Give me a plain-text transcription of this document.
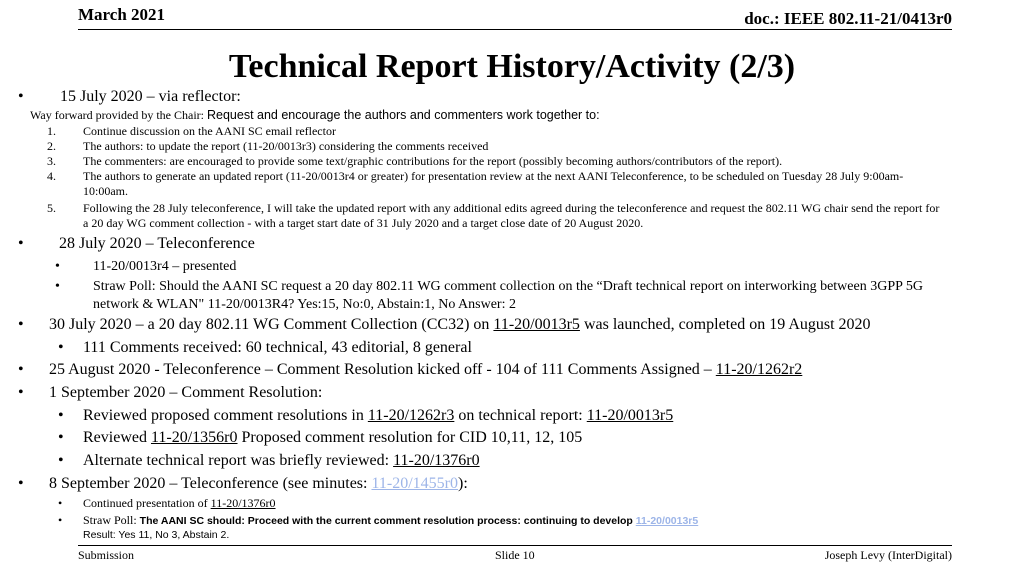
March 2021	doc.: IEEE 802.11-21/0413r0
Technical Report History/Activity (2/3)
• 15 July 2020 – via reflector:
Way forward provided by the Chair: Request and encourage the authors and commenters work together to:
1. Continue discussion on the AANI SC email reflector
2. The authors: to update the report (11-20/0013r3) considering the comments received
3. The commenters: are encouraged to provide some text/graphic contributions for the report (possibly becoming authors/contributors of the report).
4. The authors to generate an updated report (11-20/0013r4 or greater) for presentation review at the next AANI Teleconference, to be scheduled on Tuesday 28 July 9:00am-
10:00am.
5. Following the 28 July teleconference, I will take the updated report with any additional edits agreed during the teleconference and request the 802.11 WG chair send the report for
a 20 day WG comment collection - with a target start date of 31 July 2020 and a target close date of 20 August 2020.
• 28 July 2020 – Teleconference
• 11-20/0013r4 – presented
• Straw Poll: Should the AANI SC request a 20 day 802.11 WG comment collection on the “Draft technical report on interworking between 3GPP 5G
network & WLAN" 11-20/0013R4? Yes:15, No:0, Abstain:1, No Answer: 2
• 30 July 2020 – a 20 day 802.11 WG Comment Collection (CC32) on 11-20/0013r5 was launched, completed on 19 August 2020
• 111 Comments received: 60 technical, 43 editorial, 8 general
• 25 August 2020 - Teleconference – Comment Resolution kicked off - 104 of 111 Comments Assigned – 11-20/1262r2
• 1 September 2020 – Comment Resolution:
• Reviewed proposed comment resolutions in 11-20/1262r3 on technical report: 11-20/0013r5
• Reviewed 11-20/1356r0 Proposed comment resolution for CID 10,11, 12, 105
• Alternate technical report was briefly reviewed: 11-20/1376r0
• 8 September 2020 – Teleconference (see minutes: 11-20/1455r0):
• Continued presentation of 11-20/1376r0
• Straw Poll: The AANI SC should: Proceed with the current comment resolution process: continuing to develop 11-20/0013r5
Result: Yes 11, No 3, Abstain 2.
Submission	Slide 10	Joseph Levy (InterDigital)
